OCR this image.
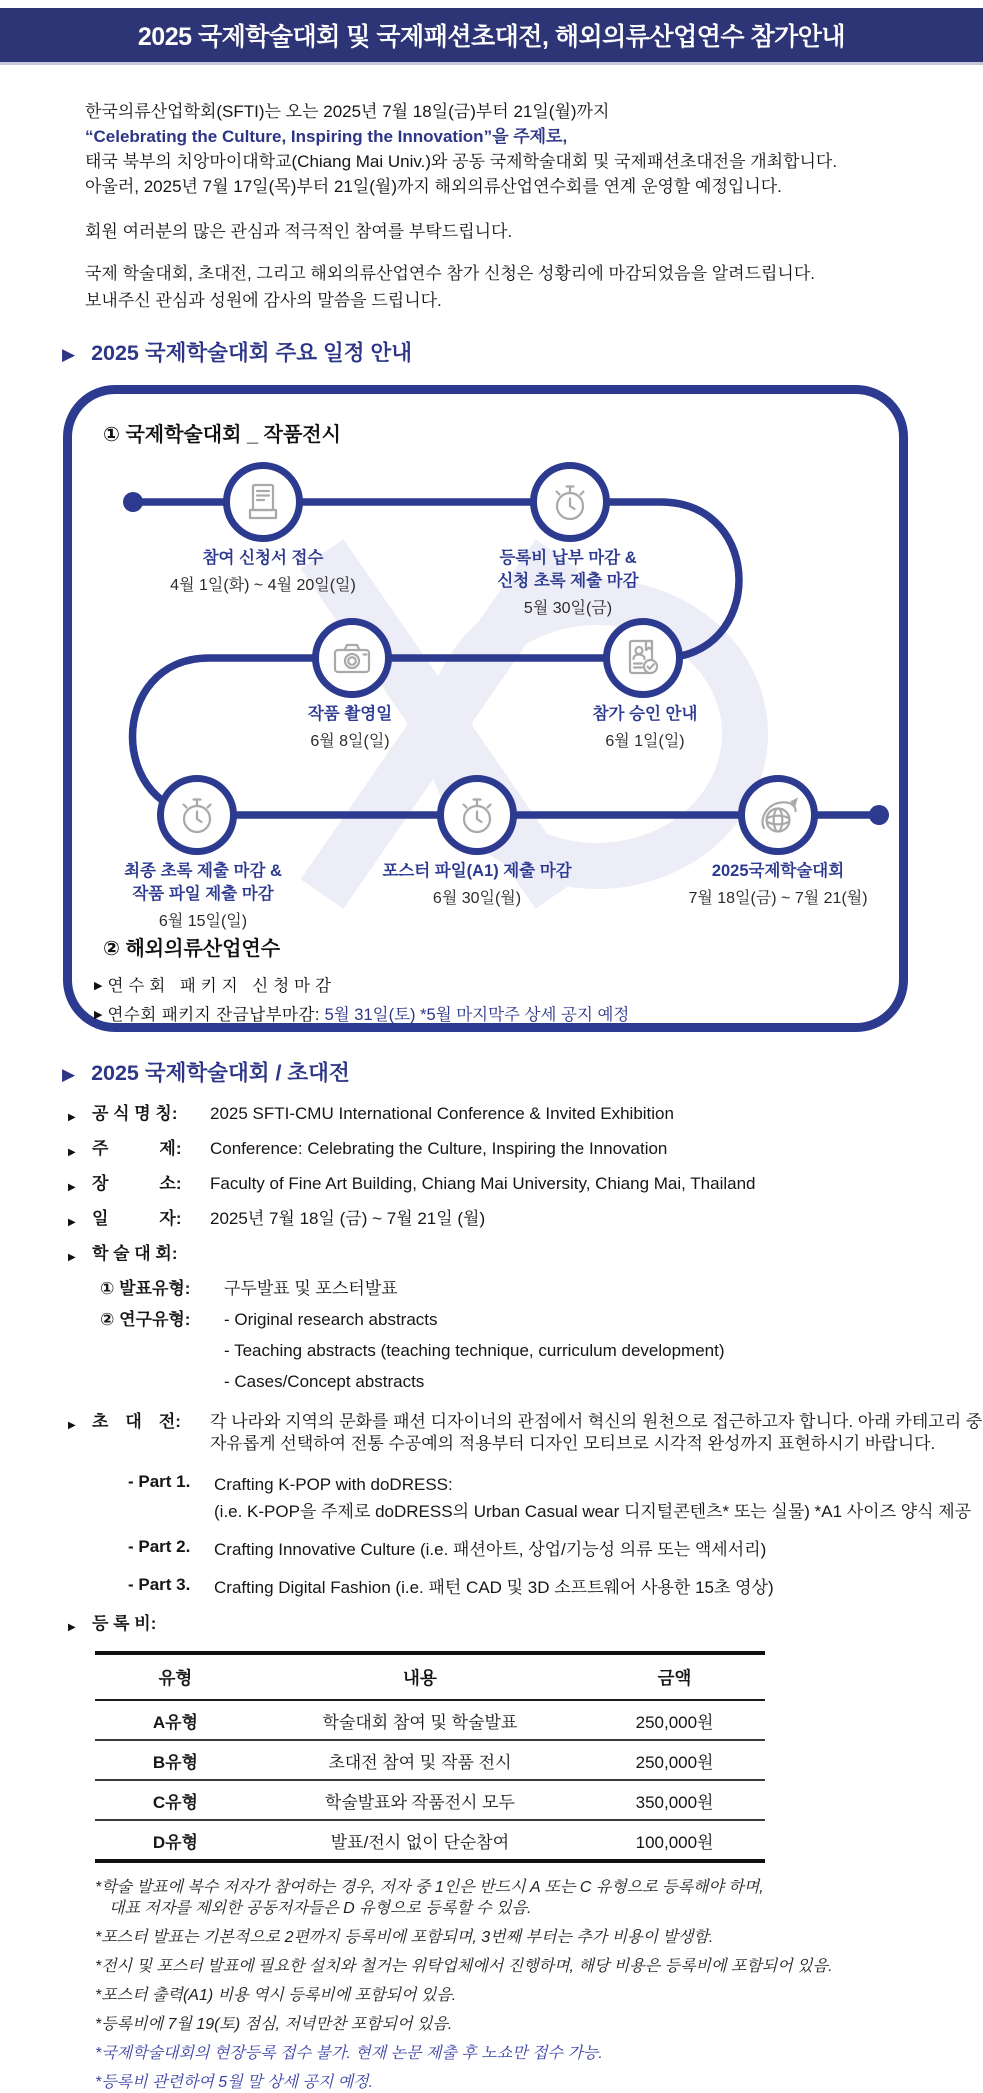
2025 국제학술대회 및 국제패션초대전, 해외의류산업연수 참가안내
한국의류산업학회(SFTI)는 오는 2025년 7월 18일(금)부터 21일(월)까지
“Celebrating the Culture, Inspiring the Innovation”을 주제로,
태국 북부의 치앙마이대학교(Chiang Mai Univ.)와 공동 국제학술대회 및 국제패션초대전을 개최합니다.
아울러, 2025년 7월 17일(목)부터 21일(월)까지 해외의류산업연수회를 연계 운영할 예정입니다.
회원 여러분의 많은 관심과 적극적인 참여를 부탁드립니다.
국제 학술대회, 초대전, 그리고 해외의류산업연수 참가 신청은 성황리에 마감되었음을 알려드립니다.
보내주신 관심과 성원에 감사의 말씀을 드립니다.
▶ 2025 국제학술대회 주요 일정 안내
① 국제학술대회 _ 작품전시
참여 신청서 접수
4월 1일(화) ~ 4월 20일(일)
등록비 납부 마감 &
신청 초록 제출 마감
5월 30일(금)
작품 촬영일
6월 8일(일)
참가 승인 안내
6월 1일(일)
최종 초록 제출 마감 &
작품 파일 제출 마감
6월 15일(일)
포스터 파일(A1) 제출 마감
6월 30일(월)
2025국제학술대회
7월 18일(금) ~ 7월 21(월)
② 해외의류산업연수
▶ 연수회 패키지 신청마감
▶ 연수회 패키지 잔금납부마감: 5월 31일(토) *5월 마지막주 상세 공지 예정
▶ 2025 국제학술대회 / 초대전
▶ 공 식 명 칭:	2025 SFTI-CMU International Conference & Invited Exhibition
▶ 주　　　제:	Conference: Celebrating the Culture, Inspiring the Innovation
▶ 장　　　소:	Faculty of Fine Art Building, Chiang Mai University, Chiang Mai, Thailand
▶ 일　　　자:	2025년 7월 18일 (금) ~ 7월 21일 (월)
▶ 학 술 대 회:
① 발표유형:	구두발표 및 포스터발표
② 연구유형:	- Original research abstracts
- Teaching abstracts (teaching technique, curriculum development)
- Cases/Concept abstracts
▶ 초　대　전:	각 나라와 지역의 문화를 패션 디자이너의 관점에서 혁신의 원천으로 접근하고자 합니다. 아래 카테고리 중
자유롭게 선택하여 전통 수공예의 적용부터 디자인 모티브로 시각적 완성까지 표현하시기 바랍니다.
- Part 1.	Crafting K-POP with doDRESS:
(i.e. K-POP을 주제로 doDRESS의 Urban Casual wear 디지털콘텐츠* 또는 실물) *A1 사이즈 양식 제공
- Part 2.	Crafting Innovative Culture (i.e. 패션아트, 상업/기능성 의류 또는 액세서리)
- Part 3.	Crafting Digital Fashion (i.e. 패턴 CAD 및 3D 소프트웨어 사용한 15초 영상)
▶ 등 록 비:
유형	내용	금액
A유형	학술대회 참여 및 학술발표	250,000원
B유형	초대전 참여 및 작품 전시	250,000원
C유형	학술발표와 작품전시 모두	350,000원
D유형	발표/전시 없이 단순참여	100,000원
*학술 발표에 복수 저자가 참여하는 경우, 저자 중 1인은 반드시 A 또는 C 유형으로 등록해야 하며,
대표 저자를 제외한 공동저자들은 D 유형으로 등록할 수 있음.
*포스터 발표는 기본적으로 2편까지 등록비에 포함되며, 3번째 부터는 추가 비용이 발생함.
*전시 및 포스터 발표에 필요한 설치와 철거는 위탁업체에서 진행하며, 해당 비용은 등록비에 포함되어 있음.
*포스터 출력(A1) 비용 역시 등록비에 포함되어 있음.
*등록비에 7월 19(토) 점심, 저녁만찬 포함되어 있음.
*국제학술대회의 현장등록 접수 불가. 현재 논문 제출 후 노쇼만 접수 가능.
*등록비 관련하여 5월 말 상세 공지 예정.
